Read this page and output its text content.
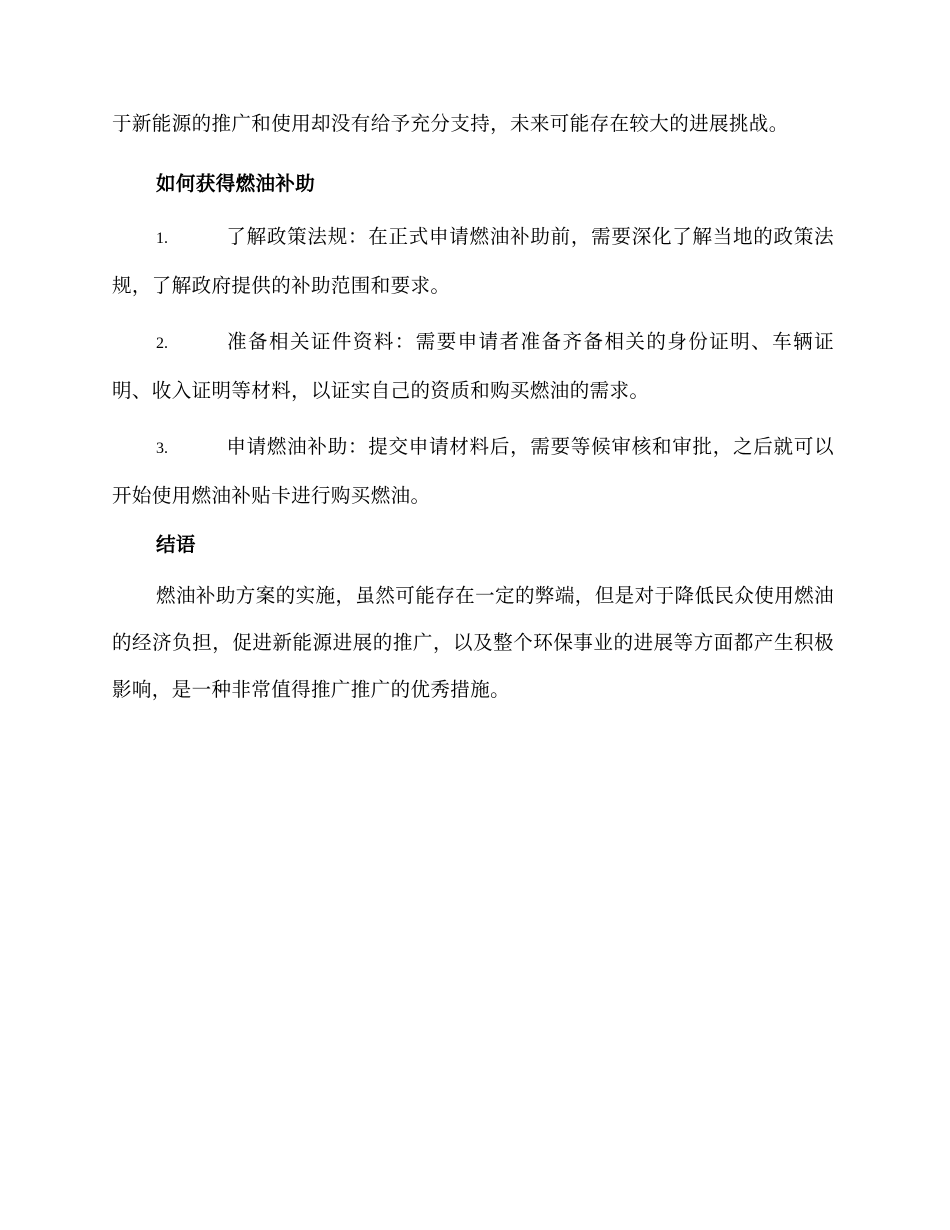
于新能源的推广和使用却没有给予充分支持，未来可能存在较大的进展挑战。

如何获得燃油补助

1.	了解政策法规：在正式申请燃油补助前，需要深化了解当地的政策法规，了解政府提供的补助范围和要求。

2.	准备相关证件资料：需要申请者准备齐备相关的身份证明、车辆证明、收入证明等材料，以证实自己的资质和购买燃油的需求。

3.	申请燃油补助：提交申请材料后，需要等候审核和审批，之后就可以开始使用燃油补贴卡进行购买燃油。

结语

燃油补助方案的实施，虽然可能存在一定的弊端，但是对于降低民众使用燃油的经济负担，促进新能源进展的推广，以及整个环保事业的进展等方面都产生积极影响，是一种非常值得推广推广的优秀措施。
